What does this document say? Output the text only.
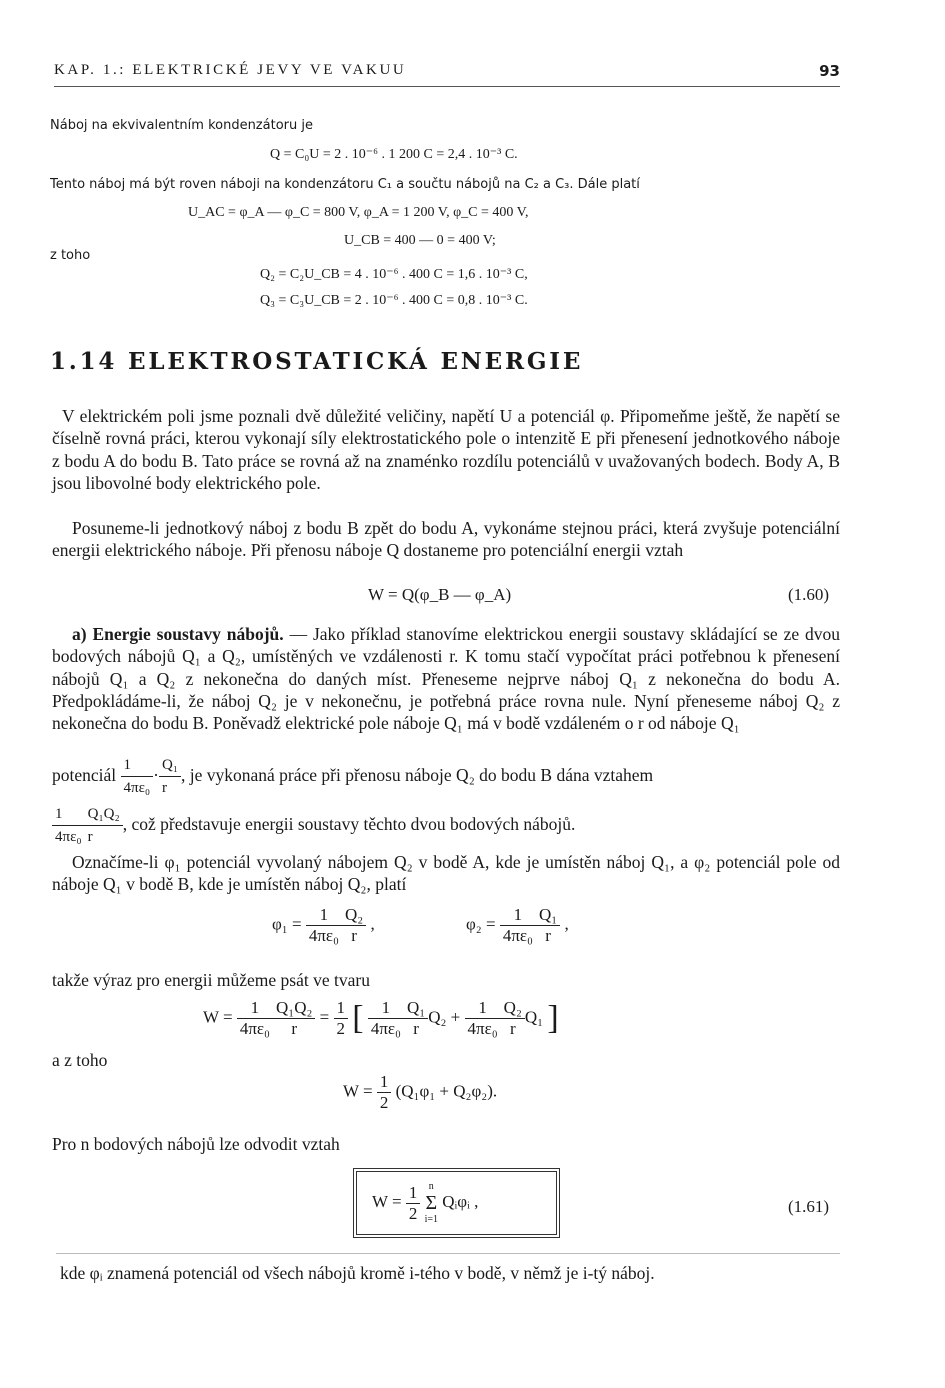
KAP. 1.: ELEKTRICKÉ JEVY VE VAKUU	93
Náboj na ekvivalentním kondenzátoru je
Q = C₀U = 2 . 10⁻⁶ . 1 200 C = 2,4 . 10⁻³ C.
Tento náboj má být roven náboji na kondenzátoru C₁ a součtu nábojů na C₂ a C₃. Dále platí
U_AC = φ_A — φ_C = 800 V, φ_A = 1 200 V, φ_C = 400 V,
U_CB = 400 — 0 = 400 V;
z toho
Q₂ = C₂U_CB = 4 . 10⁻⁶ . 400 C = 1,6 . 10⁻³ C,
Q₃ = C₃U_CB = 2 . 10⁻⁶ . 400 C = 0,8 . 10⁻³ C.
1.14 ELEKTROSTATICKÁ ENERGIE
V elektrickém poli jsme poznali dvě důležité veličiny, napětí U a potenciál φ. Připomeňme ještě, že napětí se číselně rovná práci, kterou vykonají síly elektrostatického pole o intenzitě E při přenesení jednotkového náboje z bodu A do bodu B. Tato práce se rovná až na znaménko rozdílu potenciálů v uvažovaných bodech. Body A, B jsou libovolné body elektrického pole.
Posuneme-li jednotkový náboj z bodu B zpět do bodu A, vykonáme stejnou práci, která zvyšuje potenciální energii elektrického náboje. Při přenosu náboje Q dostaneme pro potenciální energii vztah
W = Q(φ_B — φ_A)	(1.60)
a) Energie soustavy nábojů. — Jako příklad stanovíme elektrickou energii soustavy skládající se ze dvou bodových nábojů Q₁ a Q₂, umístěných ve vzdálenosti r. K tomu stačí vypočítat práci potřebnou k přenesení nábojů Q₁ a Q₂ z nekonečna do daných míst. Přeneseme nejprve náboj Q₁ z nekonečna do bodu A. Předpokládáme-li, že náboj Q₂ je v nekonečnu, je potřebná práce rovna nule. Nyní přeneseme náboj Q₂ z nekonečna do bodu B. Poněvadž elektrické pole náboje Q₁ má v bodě vzdáleném o r od náboje Q₁
potenciál $\frac{1}{\text{4πε₀}} \cdot \frac{\text{Q₁}}{r}$ , je vykonaná práce při přenosu náboje Q₂ do bodu B dána vztahem
$\frac{1}{\text{4πε₀}} \frac{\text{Q₁Q₂}}{r}$ , což představuje energii soustavy těchto dvou bodových nábojů.
Označíme-li φ₁ potenciál vyvolaný nábojem Q₂ v bodě A, kde je umístěn náboj Q₁, a φ₂ potenciál pole od náboje Q₁ v bodě B, kde je umístěn náboj Q₂, platí
$\varphi_1 = \frac{1}{\text{4πε₀}} \frac{\text{Q₂}}{r}$ ,	$\varphi_2 = \frac{1}{\text{4πε₀}} \frac{\text{Q₁}}{r}$ ,
takže výraz pro energii můžeme psát ve tvaru
$W = \frac{1}{\text{4πε₀}} \frac{\text{Q₁Q₂}}{r} = \frac{1}{2}$ [ $\frac{1}{\text{4πε₀}} \frac{\text{Q₁}}{r} Q_2 + \frac{1}{\text{4πε₀}} \frac{\text{Q₂}}{r} Q_1$ ]
a z toho
$W = \frac{1}{2} (Q_1\varphi_1 + Q_2\varphi_2)$.
Pro n bodových nábojů lze odvodit vztah
$W = \frac{1}{2}$
n
Σ
i=1
Qᵢφᵢ ,	(1.61)
kde φᵢ znamená potenciál od všech nábojů kromě i-tého v bodě, v němž je i-tý náboj.
